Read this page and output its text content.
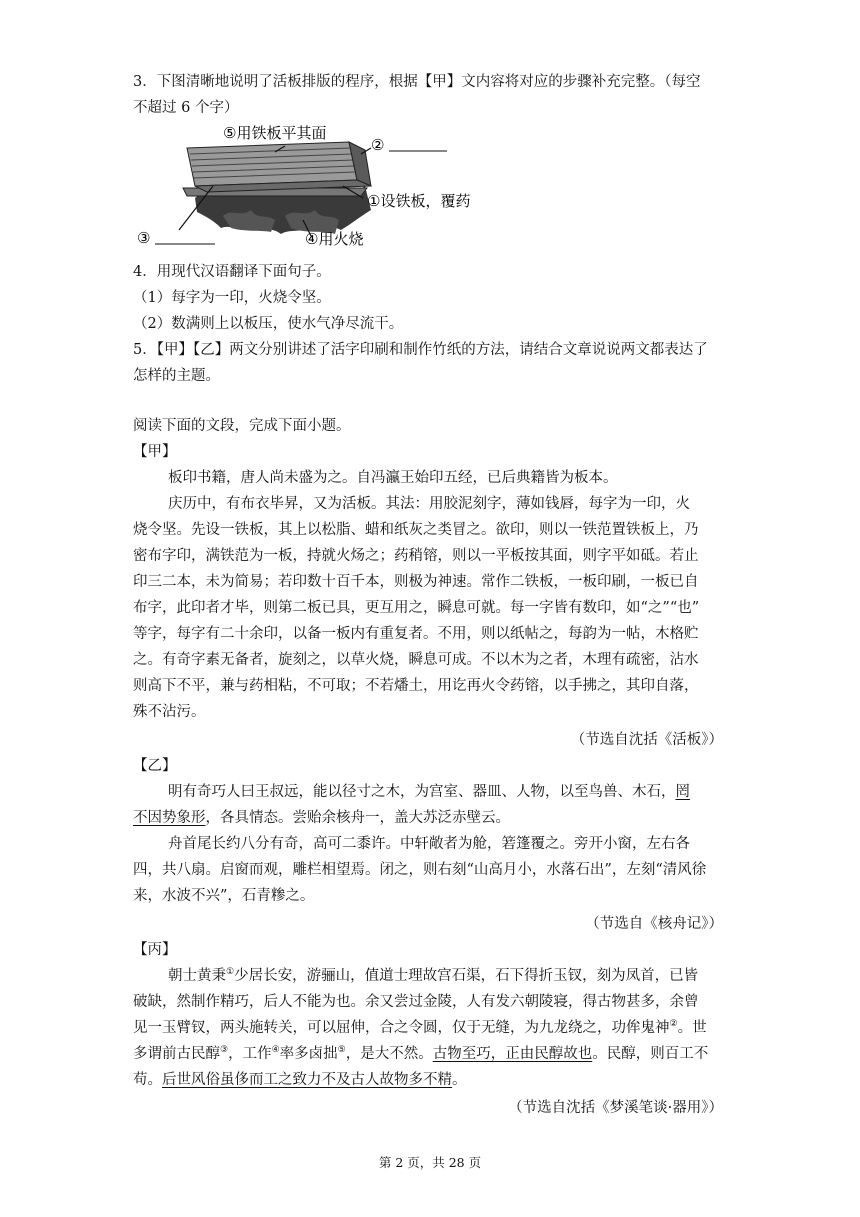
3．下图清晰地说明了活板排版的程序，根据【甲】文内容将对应的步骤补充完整。（每空
不超过 6 个字）
⑤用铁板平其面
②
①设铁板，覆药
③	④用火烧
4．用现代汉语翻译下面句子。
（1）每字为一印，火烧令坚。
（2）数满则上以板压，使水气净尽流干。
5．【甲】【乙】两文分别讲述了活字印刷和制作竹纸的方法，请结合文章说说两文都表达了
怎样的主题。
阅读下面的文段，完成下面小题。
【甲】
板印书籍，唐人尚未盛为之。自冯瀛王始印五经，已后典籍皆为板本。
庆历中，有布衣毕昇，又为活板。其法：用胶泥刻字，薄如钱唇，每字为一印，火
烧令坚。先设一铁板，其上以松脂、蜡和纸灰之类冒之。欲印，则以一铁范置铁板上，乃
密布字印，满铁范为一板，持就火炀之；药稍镕，则以一平板按其面，则字平如砥。若止
印三二本，未为简易；若印数十百千本，则极为神速。常作二铁板，一板印刷，一板已自
布字，此印者才毕，则第二板已具，更互用之，瞬息可就。每一字皆有数印，如“之”“也”
等字，每字有二十余印，以备一板内有重复者。不用，则以纸帖之，每韵为一帖，木格贮
之。有奇字素无备者，旋刻之，以草火烧，瞬息可成。不以木为之者，木理有疏密，沾水
则高下不平，兼与药相粘，不可取；不若燔土，用讫再火令药镕，以手拂之，其印自落，
殊不沾污。
（节选自沈括《活板》）
【乙】
明有奇巧人曰王叔远，能以径寸之木，为宫室、器皿、人物，以至鸟兽、木石，罔
不因势象形，各具情态。尝贻余核舟一，盖大苏泛赤壁云。
舟首尾长约八分有奇，高可二黍许。中轩敞者为舱，箬篷覆之。旁开小窗，左右各
四，共八扇。启窗而观，雕栏相望焉。闭之，则右刻“山高月小，水落石出”，左刻“清风徐
来，水波不兴”，石青糁之。
（节选自《核舟记》）
【丙】
朝士黄秉①少居长安，游骊山，值道士理故宫石渠，石下得折玉钗，刻为凤首，已皆
破缺，然制作精巧，后人不能为也。余又尝过金陵，人有发六朝陵寝，得古物甚多，余曾
见一玉臂钗，两头施转关，可以屈伸，合之令圆，仅于无缝，为九龙绕之，功侔鬼神②。世
多谓前古民醇③，工作④率多卤拙⑤，是大不然。古物至巧，正由民醇故也。民醇，则百工不
苟。后世风俗虽侈而工之致力不及古人故物多不精。
（节选自沈括《梦溪笔谈·器用》）
第 2 页，共 28 页
